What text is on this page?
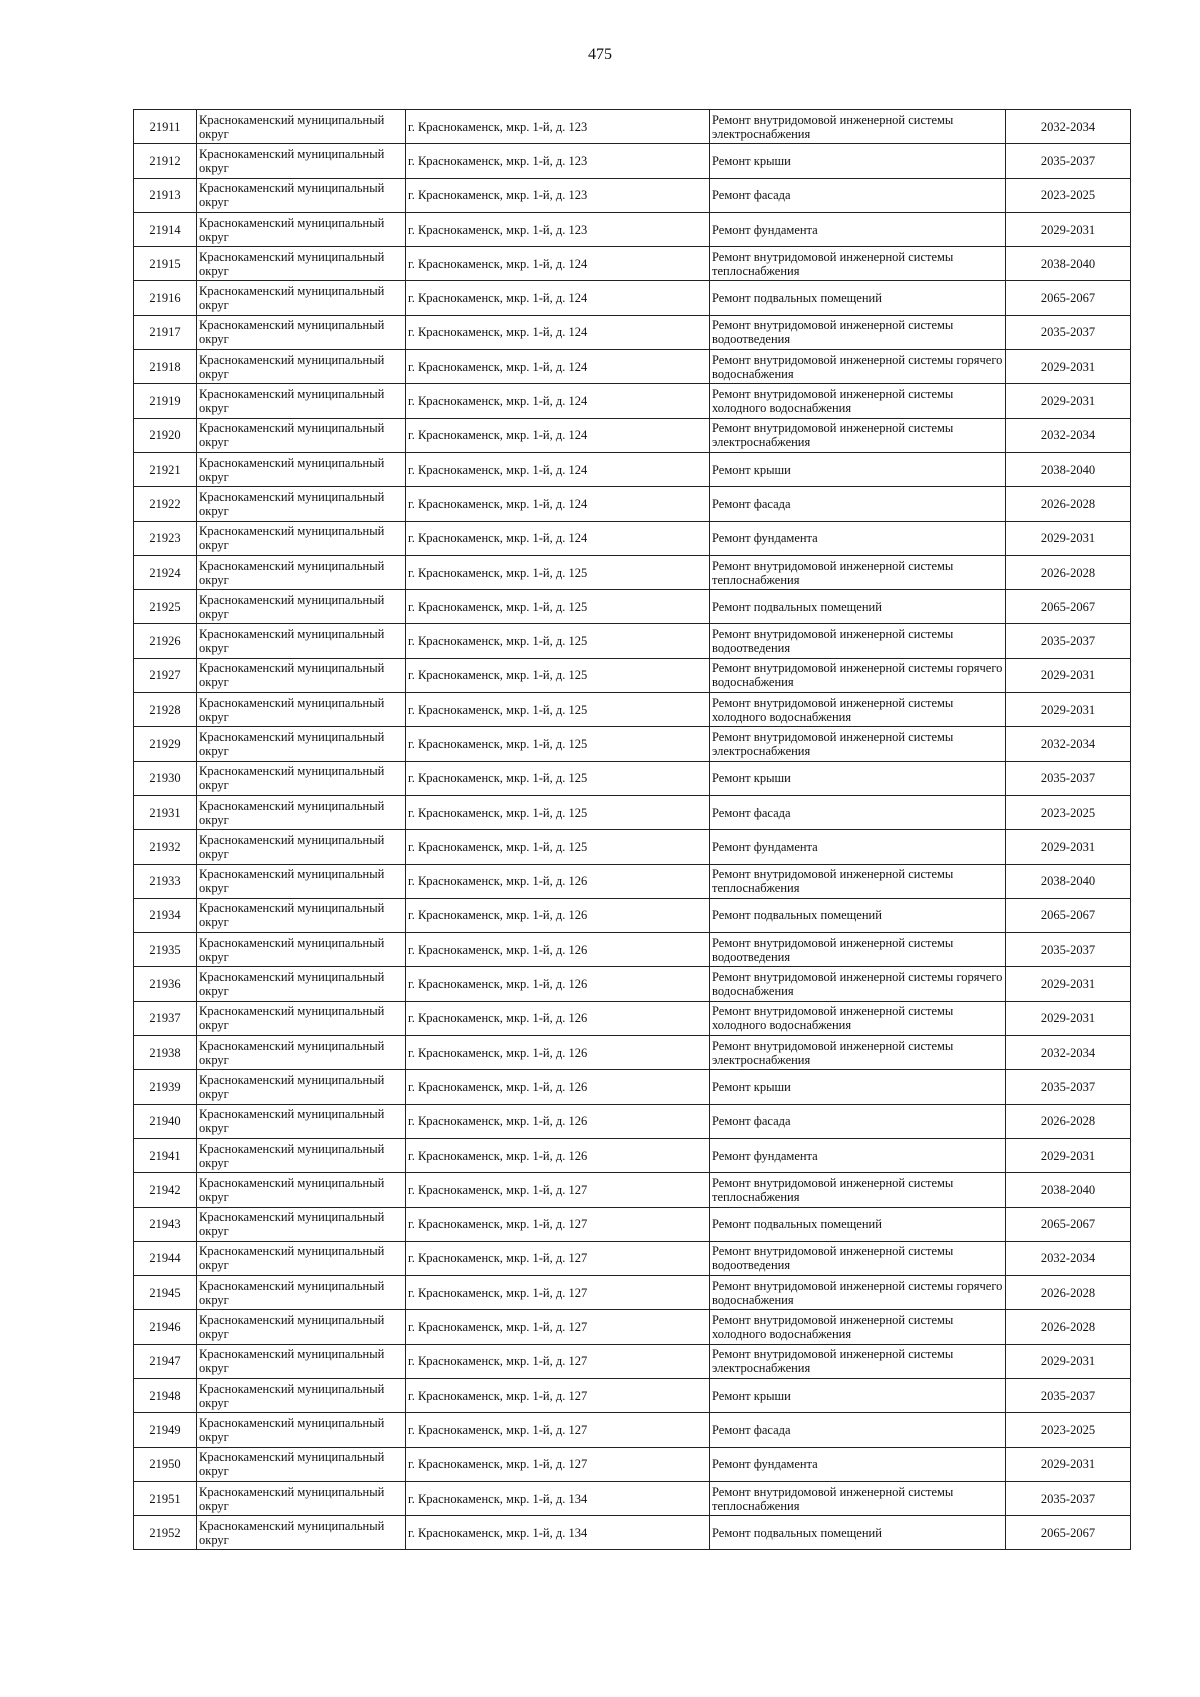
475
21911	Краснокаменский муниципальный округ	г. Краснокаменск, мкр. 1-й, д. 123	Ремонт внутридомовой инженерной системы электроснабжения	2032-2034
21912	Краснокаменский муниципальный округ	г. Краснокаменск, мкр. 1-й, д. 123	Ремонт крыши	2035-2037
21913	Краснокаменский муниципальный округ	г. Краснокаменск, мкр. 1-й, д. 123	Ремонт фасада	2023-2025
21914	Краснокаменский муниципальный округ	г. Краснокаменск, мкр. 1-й, д. 123	Ремонт фундамента	2029-2031
21915	Краснокаменский муниципальный округ	г. Краснокаменск, мкр. 1-й, д. 124	Ремонт внутридомовой инженерной системы теплоснабжения	2038-2040
21916	Краснокаменский муниципальный округ	г. Краснокаменск, мкр. 1-й, д. 124	Ремонт подвальных помещений	2065-2067
21917	Краснокаменский муниципальный округ	г. Краснокаменск, мкр. 1-й, д. 124	Ремонт внутридомовой инженерной системы водоотведения	2035-2037
21918	Краснокаменский муниципальный округ	г. Краснокаменск, мкр. 1-й, д. 124	Ремонт внутридомовой инженерной системы горячего водоснабжения	2029-2031
21919	Краснокаменский муниципальный округ	г. Краснокаменск, мкр. 1-й, д. 124	Ремонт внутридомовой инженерной системы холодного водоснабжения	2029-2031
21920	Краснокаменский муниципальный округ	г. Краснокаменск, мкр. 1-й, д. 124	Ремонт внутридомовой инженерной системы электроснабжения	2032-2034
21921	Краснокаменский муниципальный округ	г. Краснокаменск, мкр. 1-й, д. 124	Ремонт крыши	2038-2040
21922	Краснокаменский муниципальный округ	г. Краснокаменск, мкр. 1-й, д. 124	Ремонт фасада	2026-2028
21923	Краснокаменский муниципальный округ	г. Краснокаменск, мкр. 1-й, д. 124	Ремонт фундамента	2029-2031
21924	Краснокаменский муниципальный округ	г. Краснокаменск, мкр. 1-й, д. 125	Ремонт внутридомовой инженерной системы теплоснабжения	2026-2028
21925	Краснокаменский муниципальный округ	г. Краснокаменск, мкр. 1-й, д. 125	Ремонт подвальных помещений	2065-2067
21926	Краснокаменский муниципальный округ	г. Краснокаменск, мкр. 1-й, д. 125	Ремонт внутридомовой инженерной системы водоотведения	2035-2037
21927	Краснокаменский муниципальный округ	г. Краснокаменск, мкр. 1-й, д. 125	Ремонт внутридомовой инженерной системы горячего водоснабжения	2029-2031
21928	Краснокаменский муниципальный округ	г. Краснокаменск, мкр. 1-й, д. 125	Ремонт внутридомовой инженерной системы холодного водоснабжения	2029-2031
21929	Краснокаменский муниципальный округ	г. Краснокаменск, мкр. 1-й, д. 125	Ремонт внутридомовой инженерной системы электроснабжения	2032-2034
21930	Краснокаменский муниципальный округ	г. Краснокаменск, мкр. 1-й, д. 125	Ремонт крыши	2035-2037
21931	Краснокаменский муниципальный округ	г. Краснокаменск, мкр. 1-й, д. 125	Ремонт фасада	2023-2025
21932	Краснокаменский муниципальный округ	г. Краснокаменск, мкр. 1-й, д. 125	Ремонт фундамента	2029-2031
21933	Краснокаменский муниципальный округ	г. Краснокаменск, мкр. 1-й, д. 126	Ремонт внутридомовой инженерной системы теплоснабжения	2038-2040
21934	Краснокаменский муниципальный округ	г. Краснокаменск, мкр. 1-й, д. 126	Ремонт подвальных помещений	2065-2067
21935	Краснокаменский муниципальный округ	г. Краснокаменск, мкр. 1-й, д. 126	Ремонт внутридомовой инженерной системы водоотведения	2035-2037
21936	Краснокаменский муниципальный округ	г. Краснокаменск, мкр. 1-й, д. 126	Ремонт внутридомовой инженерной системы горячего водоснабжения	2029-2031
21937	Краснокаменский муниципальный округ	г. Краснокаменск, мкр. 1-й, д. 126	Ремонт внутридомовой инженерной системы холодного водоснабжения	2029-2031
21938	Краснокаменский муниципальный округ	г. Краснокаменск, мкр. 1-й, д. 126	Ремонт внутридомовой инженерной системы электроснабжения	2032-2034
21939	Краснокаменский муниципальный округ	г. Краснокаменск, мкр. 1-й, д. 126	Ремонт крыши	2035-2037
21940	Краснокаменский муниципальный округ	г. Краснокаменск, мкр. 1-й, д. 126	Ремонт фасада	2026-2028
21941	Краснокаменский муниципальный округ	г. Краснокаменск, мкр. 1-й, д. 126	Ремонт фундамента	2029-2031
21942	Краснокаменский муниципальный округ	г. Краснокаменск, мкр. 1-й, д. 127	Ремонт внутридомовой инженерной системы теплоснабжения	2038-2040
21943	Краснокаменский муниципальный округ	г. Краснокаменск, мкр. 1-й, д. 127	Ремонт подвальных помещений	2065-2067
21944	Краснокаменский муниципальный округ	г. Краснокаменск, мкр. 1-й, д. 127	Ремонт внутридомовой инженерной системы водоотведения	2032-2034
21945	Краснокаменский муниципальный округ	г. Краснокаменск, мкр. 1-й, д. 127	Ремонт внутридомовой инженерной системы горячего водоснабжения	2026-2028
21946	Краснокаменский муниципальный округ	г. Краснокаменск, мкр. 1-й, д. 127	Ремонт внутридомовой инженерной системы холодного водоснабжения	2026-2028
21947	Краснокаменский муниципальный округ	г. Краснокаменск, мкр. 1-й, д. 127	Ремонт внутридомовой инженерной системы электроснабжения	2029-2031
21948	Краснокаменский муниципальный округ	г. Краснокаменск, мкр. 1-й, д. 127	Ремонт крыши	2035-2037
21949	Краснокаменский муниципальный округ	г. Краснокаменск, мкр. 1-й, д. 127	Ремонт фасада	2023-2025
21950	Краснокаменский муниципальный округ	г. Краснокаменск, мкр. 1-й, д. 127	Ремонт фундамента	2029-2031
21951	Краснокаменский муниципальный округ	г. Краснокаменск, мкр. 1-й, д. 134	Ремонт внутридомовой инженерной системы теплоснабжения	2035-2037
21952	Краснокаменский муниципальный округ	г. Краснокаменск, мкр. 1-й, д. 134	Ремонт подвальных помещений	2065-2067
